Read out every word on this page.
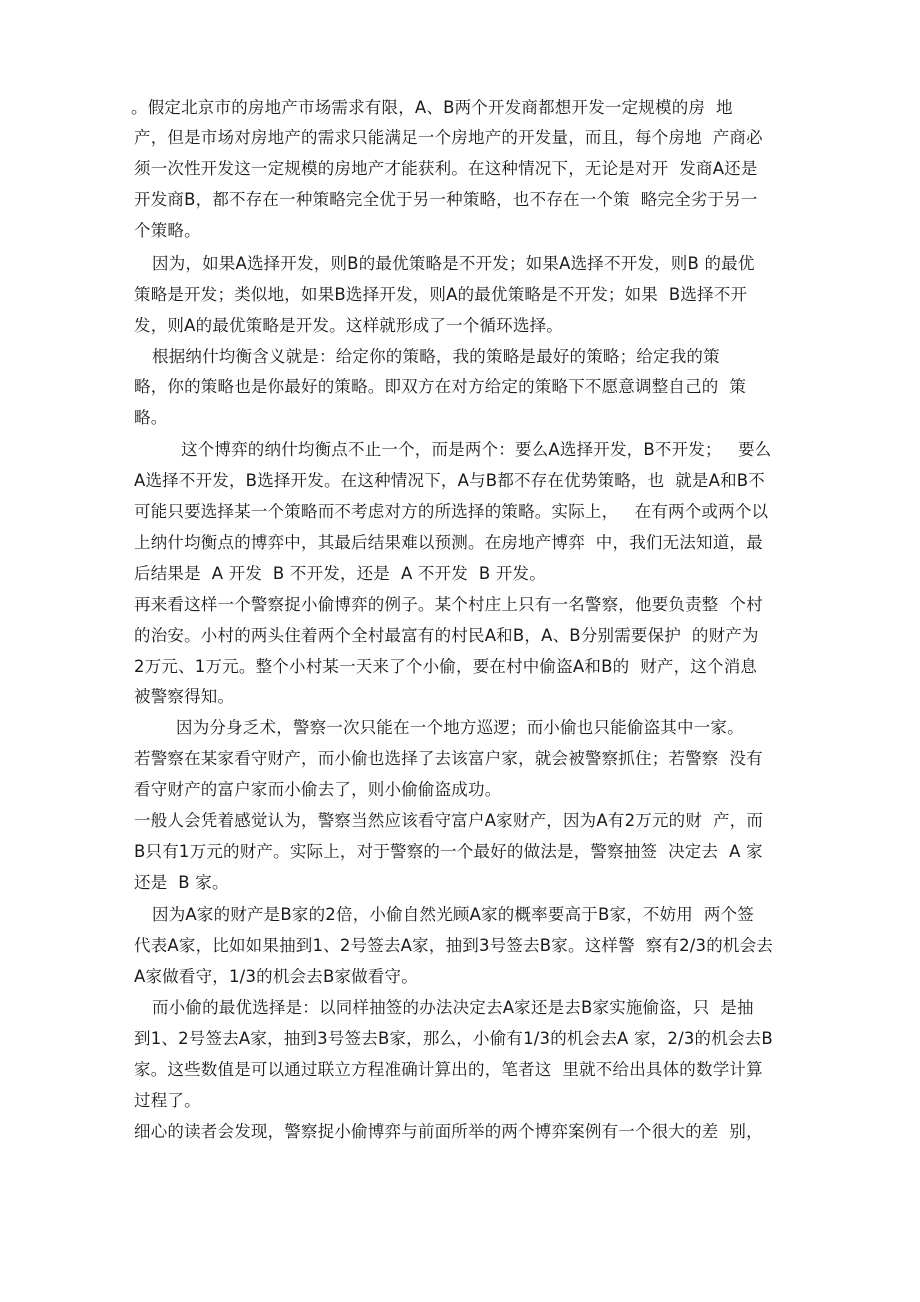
。假定北京市的房地产市场需求有限，A、B两个开发商都想开发一定规模的房  地
产，但是市场对房地产的需求只能满足一个房地产的开发量，而且，每个房地  产商必
须一次性开发这一定规模的房地产才能获利。在这种情况下，无论是对开  发商A还是
开发商B，都不存在一种策略完全优于另一种策略，也不存在一个策  略完全劣于另一
个策略。
因为，如果A选择开发，则B的最优策略是不开发；如果A选择不开发，则B 的最优
策略是开发；类似地，如果B选择开发，则A的最优策略是不开发；如果  B选择不开
发，则A的最优策略是开发。这样就形成了一个循环选择。
根据纳什均衡含义就是：给定你的策略，我的策略是最好的策略；给定我的策
略，你的策略也是你最好的策略。即双方在对方给定的策略下不愿意调整自己的  策
略。
这个博弈的纳什均衡点不止一个，而是两个：要么A选择开发，B不开发；   要么
A选择不开发，B选择开发。在这种情况下，A与B都不存在优势策略，也  就是A和B不
可能只要选择某一个策略而不考虑对方的所选择的策略。实际上，   在有两个或两个以
上纳什均衡点的博弈中，其最后结果难以预测。在房地产博弈  中，我们无法知道，最
后结果是  A 开发  B 不开发，还是  A 不开发  B 开发。
再来看这样一个警察捉小偷博弈的例子。某个村庄上只有一名警察，他要负责整  个村
的治安。小村的两头住着两个全村最富有的村民A和B，A、B分别需要保护  的财产为
2万元、1万元。整个小村某一天来了个小偷，要在村中偷盗A和B的  财产，这个消息
被警察得知。
因为分身乏术，警察一次只能在一个地方巡逻；而小偷也只能偷盗其中一家。
若警察在某家看守财产，而小偷也选择了去该富户家，就会被警察抓住；若警察  没有
看守财产的富户家而小偷去了，则小偷偷盗成功。
一般人会凭着感觉认为，警察当然应该看守富户A家财产，因为A有2万元的财  产，而
B只有1万元的财产。实际上，对于警察的一个最好的做法是，警察抽签  决定去  A 家
还是  B 家。
因为A家的财产是B家的2倍，小偷自然光顾A家的概率要高于B家，不妨用  两个签
代表A家，比如如果抽到1、2号签去A家，抽到3号签去B家。这样警  察有2/3的机会去
A家做看守，1/3的机会去B家做看守。
而小偷的最优选择是：以同样抽签的办法决定去A家还是去B家实施偷盗，只  是抽
到1、2号签去A家，抽到3号签去B家，那么，小偷有1/3的机会去A 家，2/3的机会去B
家。这些数值是可以通过联立方程准确计算出的，笔者这  里就不给出具体的数学计算
过程了。
细心的读者会发现，警察捉小偷博弈与前面所举的两个博弈案例有一个很大的差  别，
